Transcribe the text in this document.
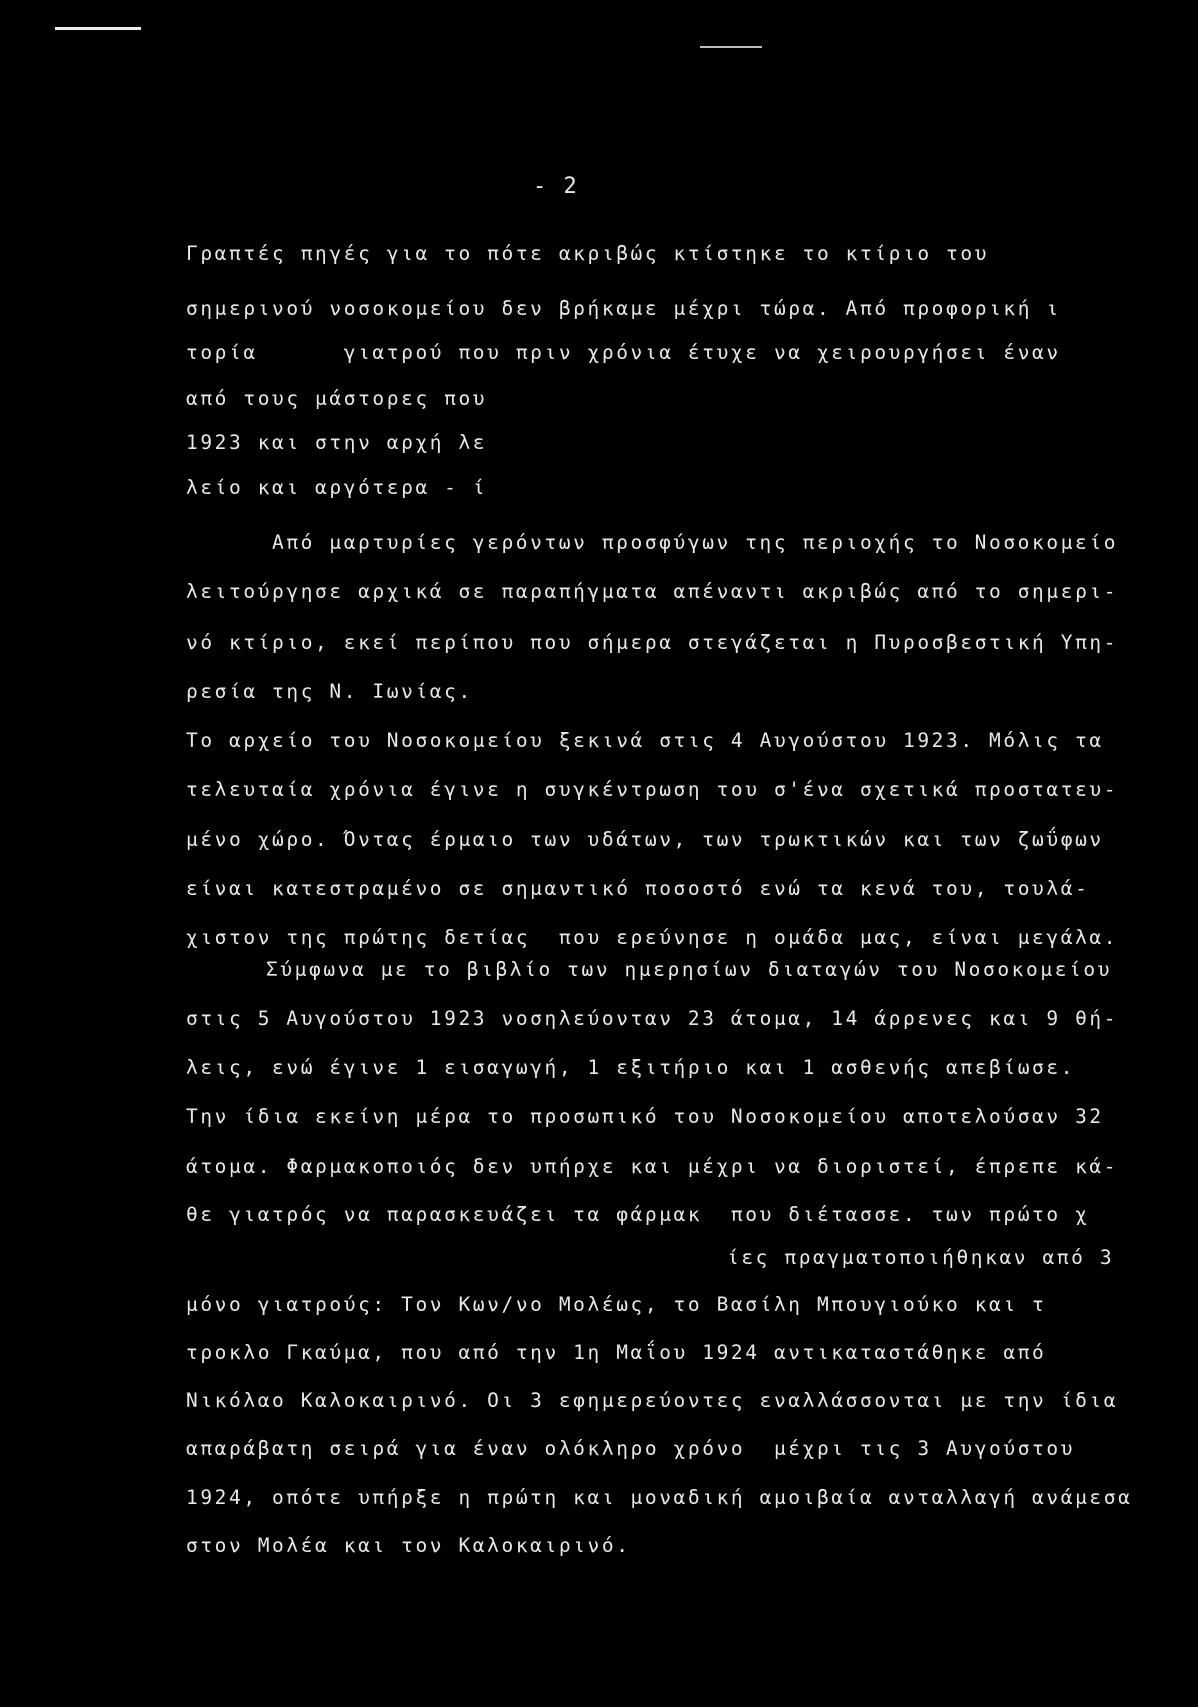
- 2
Γραπτές πηγές για το πότε ακριβώς κτίστηκε το κτίριο του
σημερινού νοσοκομείου δεν βρήκαμε μέχρι τώρα. Από προφορική ι
τορία      γιατρού που πριν χρόνια έτυχε να χειρουργήσει έναν
από τους μάστορες που
1923 και στην αρχή λε
λείο και αργότερα - ί
Από μαρτυρίες γερόντων προσφύγων της περιοχής το Νοσοκομείο
λειτούργησε αρχικά σε παραπήγματα απέναντι ακριβώς από το σημερι-
νό κτίριο, εκεί περίπου που σήμερα στεγάζεται η Πυροσβεστική Υπη-
ρεσία της Ν. Ιωνίας.
Το αρχείο του Νοσοκομείου ξεκινά στις 4 Αυγούστου 1923. Μόλις τα
τελευταία χρόνια έγινε η συγκέντρωση του σ'ένα σχετικά προστατευ-
μένο χώρο. Όντας έρμαιο των υδάτων, των τρωκτικών και των ζωΰφων
είναι κατεστραμένο σε σημαντικό ποσοστό ενώ τα κενά του, τουλά-
χιστον της πρώτης δετίας  που ερεύνησε η ομάδα μας, είναι μεγάλα.
Σύμφωνα με το βιβλίο των ημερησίων διαταγών του Νοσοκομείου
στις 5 Αυγούστου 1923 νοσηλεύονταν 23 άτομα, 14 άρρενες και 9 θή-
λεις, ενώ έγινε 1 εισαγωγή, 1 εξιτήριο και 1 ασθενής απεβίωσε.
Την ίδια εκείνη μέρα το προσωπικό του Νοσοκομείου αποτελούσαν 32
άτομα. Φαρμακοποιός δεν υπήρχε και μέχρι να διοριστεί, έπρεπε κά-
θε γιατρός να παρασκευάζει τα φάρμακ  που διέτασσε. των πρώτο χ
ίες πραγματοποιήθηκαν από 3
μόνο γιατρούς: Τον Κων/νο Μολέως, το Βασίλη Μπουγιούκο και τ
τροκλο Γκαύμα, που από την 1η Μαΐου 1924 αντικαταστάθηκε από
Νικόλαο Καλοκαιρινό. Οι 3 εφημερεύοντες εναλλάσσονται με την ίδια
απαράβατη σειρά για έναν ολόκληρο χρόνο  μέχρι τις 3 Αυγούστου
1924, οπότε υπήρξε η πρώτη και μοναδική αμοιβαία ανταλλαγή ανάμεσα
στον Μολέα και τον Καλοκαιρινό.
